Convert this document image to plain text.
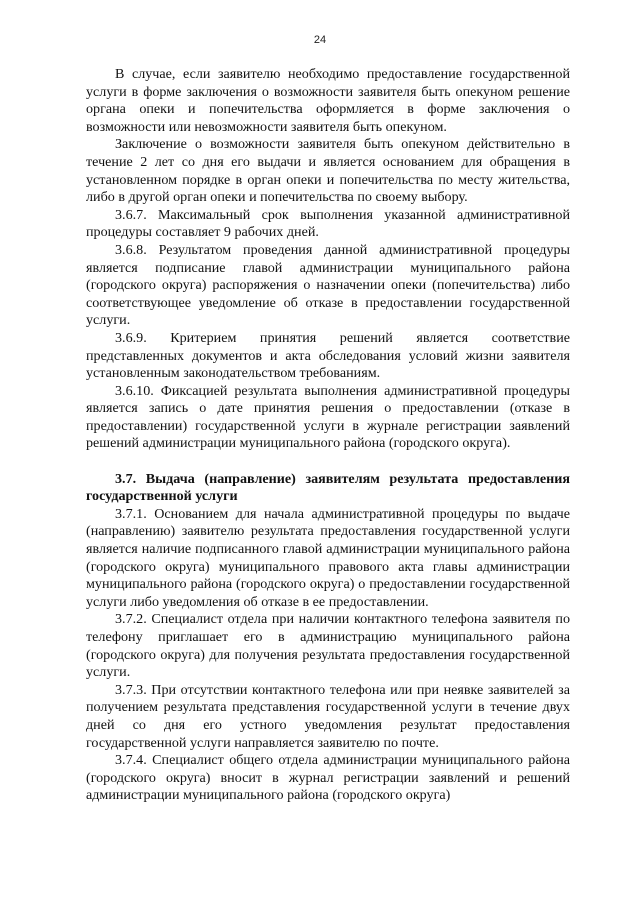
24

В случае, если заявителю необходимо предоставление государственной услуги в форме заключения о возможности заявителя быть опекуном решение органа опеки и попечительства оформляется в форме заключения о возможности или невозможности заявителя быть опекуном.

Заключение о возможности заявителя быть опекуном действительно в течение 2 лет со дня его выдачи и является основанием для обращения в установленном порядке в орган опеки и попечительства по месту жительства, либо в другой орган опеки и попечительства по своему выбору.

3.6.7. Максимальный срок выполнения указанной административной процедуры составляет 9 рабочих дней.

3.6.8. Результатом проведения данной административной процедуры является подписание главой администрации муниципального района (городского округа) распоряжения о назначении опеки (попечительства) либо соответствующее уведомление об отказе в предоставлении государственной услуги.

3.6.9. Критерием принятия решений является соответствие представленных документов и акта обследования условий жизни заявителя установленным законодательством требованиям.

3.6.10. Фиксацией результата выполнения административной процедуры является запись о дате принятия решения о предоставлении (отказе в предоставлении) государственной услуги в журнале регистрации заявлений решений администрации муниципального района (городского округа).

3.7. Выдача (направление) заявителям результата предоставления государственной услуги

3.7.1. Основанием для начала административной процедуры по выдаче (направлению) заявителю результата предоставления государственной услуги является наличие подписанного главой администрации муниципального района (городского округа) муниципального правового акта главы администрации муниципального района (городского округа) о предоставлении государственной услуги либо уведомления об отказе в ее предоставлении.

3.7.2. Специалист отдела при наличии контактного телефона заявителя по телефону приглашает его в администрацию муниципального района (городского округа) для получения результата предоставления государственной услуги.

3.7.3. При отсутствии контактного телефона или при неявке заявителей за получением результата представления государственной услуги в течение двух дней со дня его устного уведомления результат предоставления государственной услуги направляется заявителю по почте.

3.7.4. Специалист общего отдела администрации муниципального района (городского округа) вносит в журнал регистрации заявлений и решений администрации муниципального района (городского округа)
